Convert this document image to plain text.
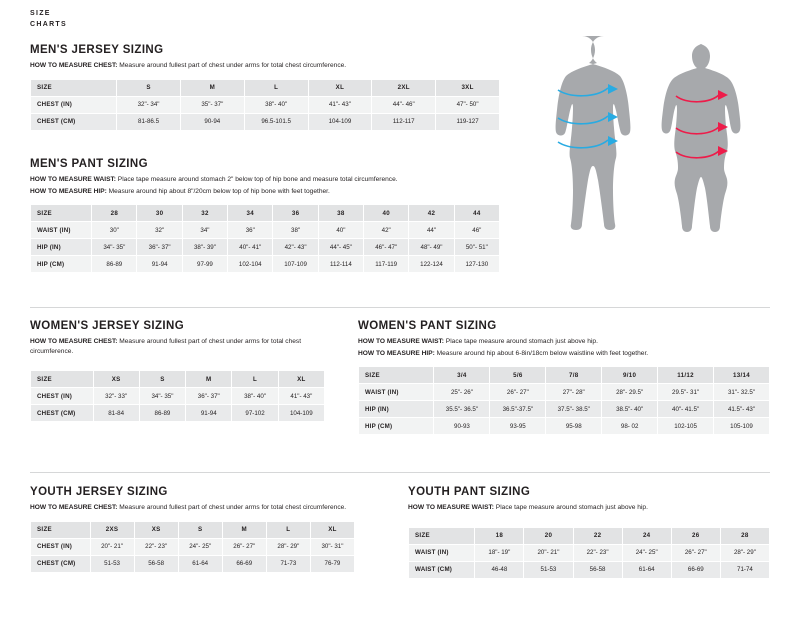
SIZE
CHARTS
MEN'S JERSEY SIZING

HOW TO MEASURE CHEST: Measure around fullest part of chest under arms for total chest circumference.

SIZE	S	M	L	XL	2XL	3XL
CHEST (IN)	32"- 34"	35"- 37"	38"- 40"	41"- 43"	44"- 46"	47"- 50"
CHEST (CM)	81-86.5	90-94	96.5-101.5	104-109	112-117	119-127
MEN'S PANT SIZING

HOW TO MEASURE WAIST: Place tape measure around stomach 2" below top of hip bone and measure total circumference.

HOW TO MEASURE HIP: Measure around hip about 8"/20cm below top of hip bone with feet together.

SIZE	28	30	32	34	36	38	40	42	44
WAIST (IN)	30"	32"	34"	36"	38"	40"	42"	44"	46"
HIP (IN)	34"- 35"	36"- 37"	38"- 39"	40"- 41"	42"- 43"	44"- 45"	46"- 47"	48"- 49"	50"- 51"
HIP (CM)	86-89	91-94	97-99	102-104	107-109	112-114	117-119	122-124	127-130
WOMEN'S JERSEY SIZING

HOW TO MEASURE CHEST: Measure around fullest part of chest under arms for total chest circumference.

SIZE	XS	S	M	L	XL
CHEST (IN)	32"- 33"	34"- 35"	36"- 37"	38"- 40"	41"- 43"
CHEST (CM)	81-84	86-89	91-94	97-102	104-109
WOMEN'S PANT SIZING

HOW TO MEASURE WAIST: Place tape measure around stomach just above hip.

HOW TO MEASURE HIP: Measure around hip about 6-8in/18cm below waistline with feet together.

SIZE	3/4	5/6	7/8	9/10	11/12	13/14
WAIST (IN)	25"- 26"	26"- 27"	27"- 28"	28"- 29.5"	29.5"- 31"	31"- 32.5"
HIP (IN)	35.5"- 36.5"	36.5"-37.5"	37.5"- 38.5"	38.5"- 40"	40"- 41.5"	41.5"- 43"
HIP (CM)	90-93	93-95	95-98	98- 02	102-105	105-109
YOUTH JERSEY SIZING

HOW TO MEASURE CHEST: Measure around fullest part of chest under arms for total chest circumference.

SIZE	2XS	XS	S	M	L	XL
CHEST (IN)	20"- 21"	22"- 23"	24"- 25"	26"- 27"	28"- 29"	30"- 31"
CHEST (CM)	51-53	56-58	61-64	66-69	71-73	76-79
YOUTH PANT SIZING

HOW TO MEASURE WAIST: Place tape measure around stomach just above hip.

SIZE	18	20	22	24	26	28
WAIST (IN)	18"- 19"	20"- 21"	22"- 23"	24"- 25"	26"- 27"	28"- 29"
WAIST (CM)	46-48	51-53	56-58	61-64	66-69	71-74
